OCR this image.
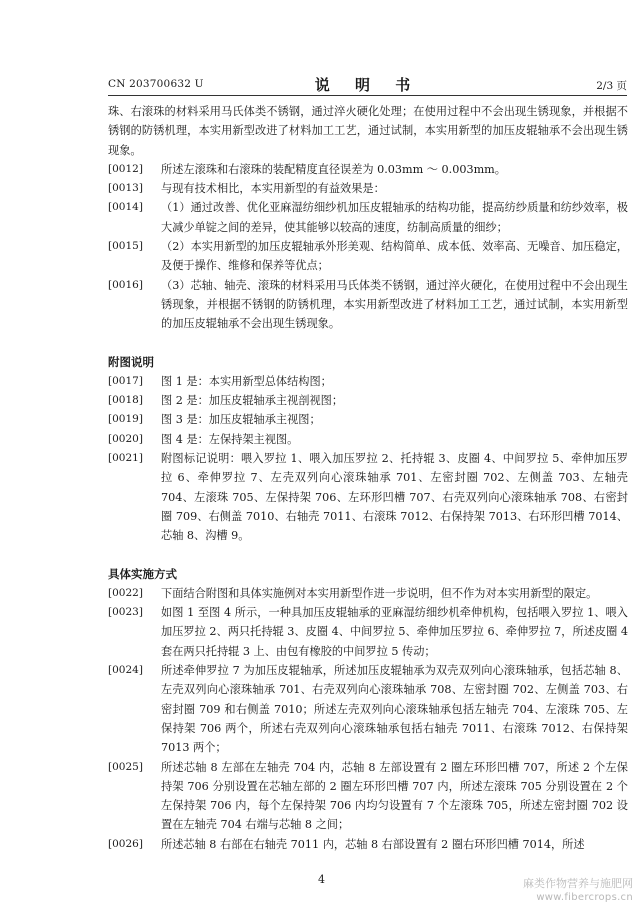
CN 203700632 U	说 明 书	2/3 页

珠、右滚珠的材料采用马氏体类不锈钢，通过淬火硬化处理；在使用过程中不会出现生锈现象，并根据不锈钢的防锈机理，本实用新型改进了材料加工工艺，通过试制，本实用新型的加压皮辊轴承不会出现生锈现象。

[0012] 所述左滚珠和右滚珠的装配精度直径误差为 0.03mm ～ 0.003mm。

[0013] 与现有技术相比，本实用新型的有益效果是：

[0014] （1）通过改善、优化亚麻湿纺细纱机加压皮辊轴承的结构功能，提高纺纱质量和纺纱效率，极大减少单锭之间的差异，使其能够以较高的速度，纺制高质量的细纱；

[0015] （2）本实用新型的加压皮辊轴承外形美观、结构简单、成本低、效率高、无噪音、加压稳定，及便于操作、维修和保养等优点；

[0016] （3）芯轴、轴壳、滚珠的材料采用马氏体类不锈钢，通过淬火硬化，在使用过程中不会出现生锈现象，并根据不锈钢的防锈机理，本实用新型改进了材料加工工艺，通过试制，本实用新型的加压皮辊轴承不会出现生锈现象。

附图说明

[0017] 图 1 是：本实用新型总体结构图；

[0018] 图 2 是：加压皮辊轴承主视剖视图；

[0019] 图 3 是：加压皮辊轴承主视图；

[0020] 图 4 是：左保持架主视图。

[0021] 附图标记说明：喂入罗拉 1、喂入加压罗拉 2、托持辊 3、皮圈 4、中间罗拉 5、牵伸加压罗拉 6、牵伸罗拉 7、左壳双列向心滚珠轴承 701、左密封圈 702、左侧盖 703、左轴壳 704、左滚珠 705、左保持架 706、左环形凹槽 707、右壳双列向心滚珠轴承 708、右密封圈 709、右侧盖 7010、右轴壳 7011、右滚珠 7012、右保持架 7013、右环形凹槽 7014、芯轴 8、沟槽 9。

具体实施方式

[0022] 下面结合附图和具体实施例对本实用新型作进一步说明，但不作为对本实用新型的限定。

[0023] 如图 1 至图 4 所示，一种具加压皮辊轴承的亚麻湿纺细纱机牵伸机构，包括喂入罗拉 1、喂入加压罗拉 2、两只托持辊 3、皮圈 4、中间罗拉 5、牵伸加压罗拉 6、牵伸罗拉 7，所述皮圈 4 套在两只托持辊 3 上、由包有橡胶的中间罗拉 5 传动；

[0024] 所述牵伸罗拉 7 为加压皮辊轴承，所述加压皮辊轴承为双壳双列向心滚珠轴承，包括芯轴 8、左壳双列向心滚珠轴承 701、右壳双列向心滚珠轴承 708、左密封圈 702、左侧盖 703、右密封圈 709 和右侧盖 7010；所述左壳双列向心滚珠轴承包括左轴壳 704、左滚珠 705、左保持架 706 两个，所述右壳双列向心滚珠轴承包括右轴壳 7011、右滚珠 7012、右保持架 7013 两个；

[0025] 所述芯轴 8 左部在左轴壳 704 内，芯轴 8 左部设置有 2 圈左环形凹槽 707，所述 2 个左保持架 706 分别设置在芯轴左部的 2 圈左环形凹槽 707 内，所述左滚珠 705 分别设置在 2 个左保持架 706 内，每个左保持架 706 内均匀设置有 7 个左滚珠 705，所述左密封圈 702 设置在左轴壳 704 右端与芯轴 8 之间；

[0026] 所述芯轴 8 右部在右轴壳 7011 内，芯轴 8 右部设置有 2 圈右环形凹槽 7014，所述

4	麻类作物营养与施肥网
www.fibercrops.cn
